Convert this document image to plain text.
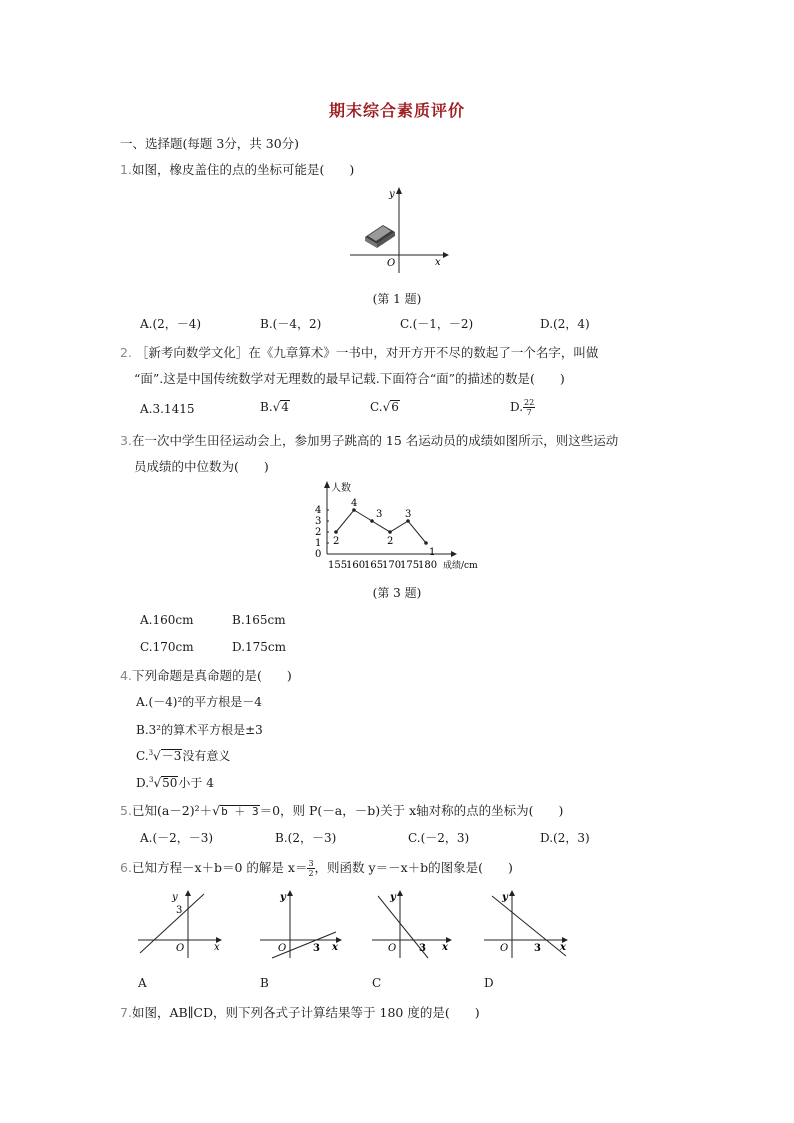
期末综合素质评价
一、选择题(每题 3分，共 30分)
1.如图，橡皮盖住的点的坐标可能是(　　)
x
y
O
(第 1 题)
A.(2，－4)	B.(－4，2)	C.(－1，－2)	D.(2，4)
2. ［新考向数学文化］在《九章算术》一书中，对开方开不尽的数起了一个名字，叫做
“面”.这是中国传统数学对无理数的最早记载.下面符合“面”的描述的数是(　　)
A.3.1415	B.√4	C.√6	D. $\frac{22}{7}$
3.在一次中学生田径运动会上，参加男子跳高的 15 名运动员的成绩如图所示，则这些运动
员成绩的中位数为(　　)
人数
成绩/cm
0
1
2
3
4
155
160
165
170
175
180
2
4
3
2
3
1
(第 3 题)
A.160cm	B.165cm
C.170cm	D.175cm
4.下列命题是真命题的是(　　)
A.(－4)²的平方根是－4
B.3²的算术平方根是±3
C.$^3$√－3没有意义
D.$^3$√50小于 4
5.已知(a－2)²＋√b ＋ 3＝0，则 P(－a，－b)关于 x轴对称的点的坐标为(　　)
A.(－2，－3)	B.(2，－3)	C.(－2，3)	D.(2，3)
6.已知方程－x＋b＝0 的解是 $x= \frac{3}{2}$ ，则函数 y＝－x＋b的图象是(　　)
y
3
O	x
y
O	3 x
y
O 3 x
y
O	3 x
A	B	C	D
7.如图，AB∥CD，则下列各式子计算结果等于 180 度的是(　　)
